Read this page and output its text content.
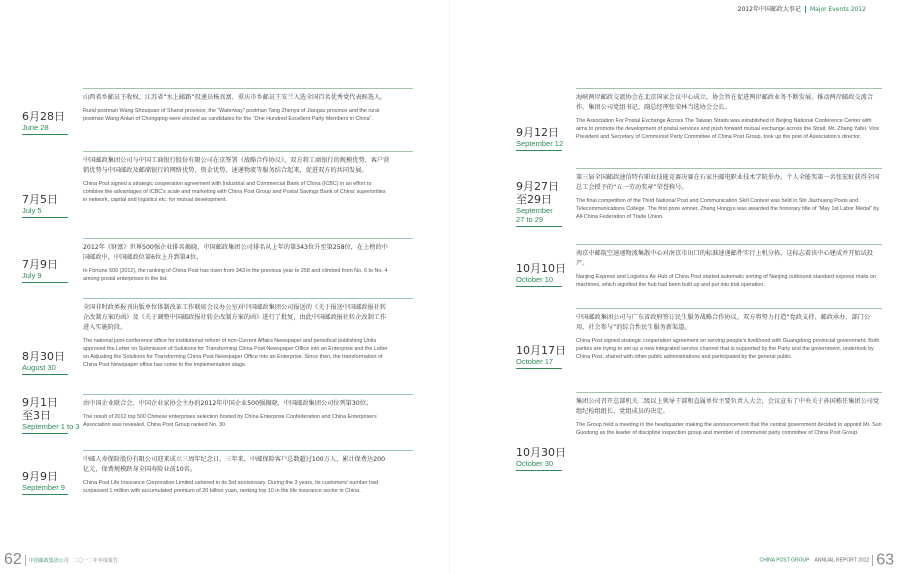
6月28日
June 28
山西省乡邮员王收权、江苏省“水上邮路”投递员杨真富、重庆市乡邮员王安兰入选全国百名优秀党代表候选人。
Rural postman Wang Shouquan of Shanxi province, the “Waterway” postman Tang Zhenya of Jiangsu province and the rural postman Wang Anlan of Chongqing were elected as candidates for the “One Hundred Excellent Party Members in China”.
7月5日
July 5
中国邮政集团公司与中国工商银行股份有限公司在京签署《战略合作协议》，双方将工商银行的规模优势、客户营销优势与中国邮政及邮储银行的网络优势、资金优势、速递物流等服务结合起来，促进双方的共同发展。
China Post signed a strategic cooperation agreement with Industrial and Commercial Bank of China (ICBC) in an effort to combine the advantages of ICBC's scale and marketing with China Post Group and Postal Savings Bank of China' superiorities in network, capital and logistics etc. for mutual development.
7月9日
July 9
2012年《财富》世界500强企业排名揭晓，中国邮政集团公司排名从上年的第343位升至第258位，在上榜的中国邮政中，中国邮政位第6位上升到第4位。
In Fortune 500 (2012), the ranking of China Post has risen from 343 in the previous year to 258 and climbed from No. 6 to No. 4 among postal enterprises in the list.
8月30日
August 30
全国非时政类报刊出版单位体制改革工作联席会议办公室对中国邮政集团公司报送的《关于报送中国邮政报社转企改制方案的函》及《关于调整中国邮政报社转企改制方案的函》进行了批复，由此中国邮政报社转企改制工作进入实施阶段。
The national joint-conference office for institutional reform of non-Current Affairs Newspaper and periodical publishing Units approved the Letter on Submission of Solutions for Transforming China Post Newspaper Office into an Enterprise and the Letter on Adjusting the Solutions for Transforming China Post Newspaper Office into an Enterprise. Since then, the transformation of China Post Newspaper office has come to the implementation stage.
9月1日至3日
September 1 to 3
由中国企业联合会、中国企业家协会主办的2012年中国企业500强揭晓，中国邮政集团公司位列第30位。
The result of 2012 top 500 Chinese enterprises selection hosted by China Enterprise Confederation and China Enterprisers Association was revealed. China Post Group ranked No. 30.
9月9日
September 9
中邮人寿保险股份有限公司迎来成立三周年纪念日，三年来，中邮保险客户总数超过100万人，累计保费达200亿元，保费规模跻身全国寿险业前10名。
China Post Life Insurance Corporation Limited ushered in its 3rd anniversary. During the 3 years, its customers' number had surpassed 1 million with accumulated premium of 20 billion yuan, ranking top 10 in the life insurance sector in China.
62 中国邮政集团公司 二〇一二年年度报告
2012年中国邮政大事记 Major Events 2012
9月12日
September 12
海峡两岸邮政交流协会在北京国家会议中心成立。协会旨在促进两岸邮政业务不断发展，推动两岸邮政交流合作。集团公司党组书记、副总经理张荣林当选协会会长。
The Association For Postal Exchange Across The Taiwan Straits was established in Beijing National Conference Center with aims to promote the development of postal services and push forward mutual exchange across the Strait. Mr. Zhang Yafei, Vice President and Secretary of Communist Party Committee of China Post Group, took up the post of Association's director.
9月27日至29日
September 27 to 29
第三届全国邮政速信特有职业技能竞赛决赛在石家庄邮电职业技术学院举办。个人全能奖第一名张宏虹获得全国总工会授予的“五一劳动奖章”荣誉称号。
The final competition of the Third National Post and Communication Skill Contest was held in Shi Jiazhuang Posts and Telecommunications College. The first prize winner, Zhang Hongyu was awarded the honorary title of “May 1st Labor Medal” by All-China Federation of Trade Union.
10月10日
October 10
南京中邮航空速递物流集散中心对南京市出口的标准速递邮件实行上机分拣，这标志着该中心建成并开始试投产。
Nanjing Express and Logistics Air Hub of China Post started automatic sorting of Nanjing outbound standard express mails on machines, which signified the hub had been built up and put into trial operation.
10月17日
October 17
中国邮政集团公司与广东省政府签订民生服务战略合作协议。双方将努力打造“党政支持、邮政承办、部门公用、社会参与”的综合性民生服务新渠道。
China Post signed strategic cooperation agreement on serving people's livelihood with Guangdong provincial government. Both parties are trying to set up a new integrated service channel that is supported by the Party and the government, undertook by China Post, shared with other public administrations and participated by the general public.
10月30日
October 30
集团公司召开总部机关二级以上领导干部和直属单位主要负责人大会，会议宣布了中央关于孙国栋任集团公司党组纪检组组长、党组成员的决定。
The Group held a meeting in the headquarter making the announcement that the central government decided to appoint Mr. Sun Guodong as the leader of discipline inspection group and member of communist party committee of China Post Group.
CHINA POST GROUP ANNUAL REPORT 2012 63
